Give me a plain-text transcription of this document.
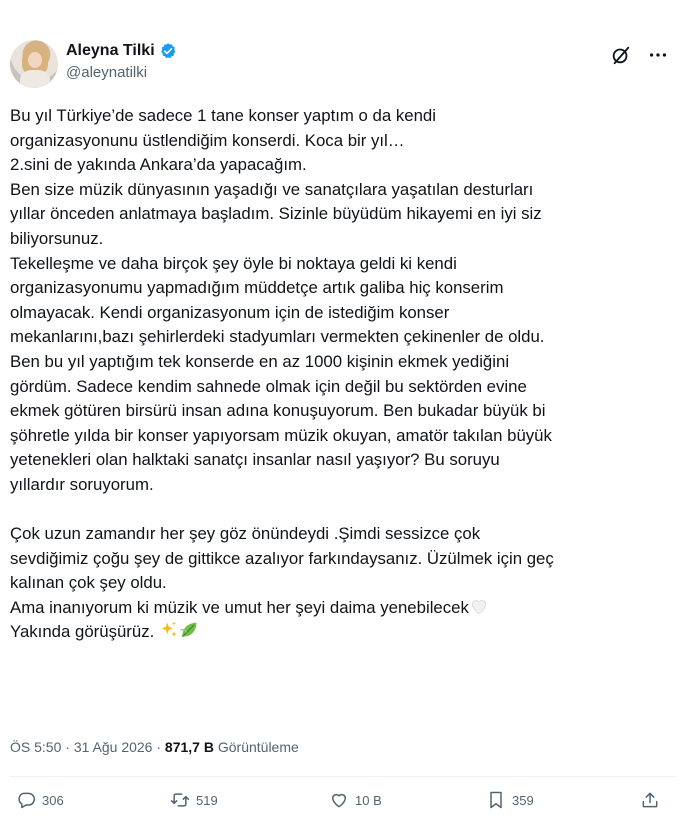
Aleyna Tilki
@aleynatilki
Bu yıl Türkiye’de sadece 1 tane konser yaptım o da kendi
organizasyonunu üstlendiğim konserdi. Koca bir yıl…
2.sini de yakında Ankara’da yapacağım.
Ben size müzik dünyasının yaşadığı ve sanatçılara yaşatılan desturları
yıllar önceden anlatmaya başladım. Sizinle büyüdüm hikayemi en iyi siz
biliyorsunuz.
Tekelleşme ve daha birçok şey öyle bi noktaya geldi ki kendi
organizasyonumu yapmadığım müddetçe artık galiba hiç konserim
olmayacak. Kendi organizasyonum için de istediğim konser
mekanlarını,bazı şehirlerdeki stadyumları vermekten çekinenler de oldu.
Ben bu yıl yaptığım tek konserde en az 1000 kişinin ekmek yediğini
gördüm. Sadece kendim sahnede olmak için değil bu sektörden evine
ekmek götüren birsürü insan adına konuşuyorum. Ben bukadar büyük bi
şöhretle yılda bir konser yapıyorsam müzik okuyan, amatör takılan büyük
yetenekleri olan halktaki sanatçı insanlar nasıl yaşıyor? Bu soruyu
yıllardır soruyorum.

Çok uzun zamandır her şey göz önündeydi .Şimdi sessizce çok
sevdiğimiz çoğu şey de gittikce azalıyor farkındaysanız. Üzülmek için geç
kalınan çok şey oldu.
Ama inanıyorum ki müzik ve umut her şeyi daima yenebilecek
Yakında görüşürüz.
ÖS 5:50 · 31 Ağu 2026 · 871,7 B Görüntüleme
306	519	10 B	359
